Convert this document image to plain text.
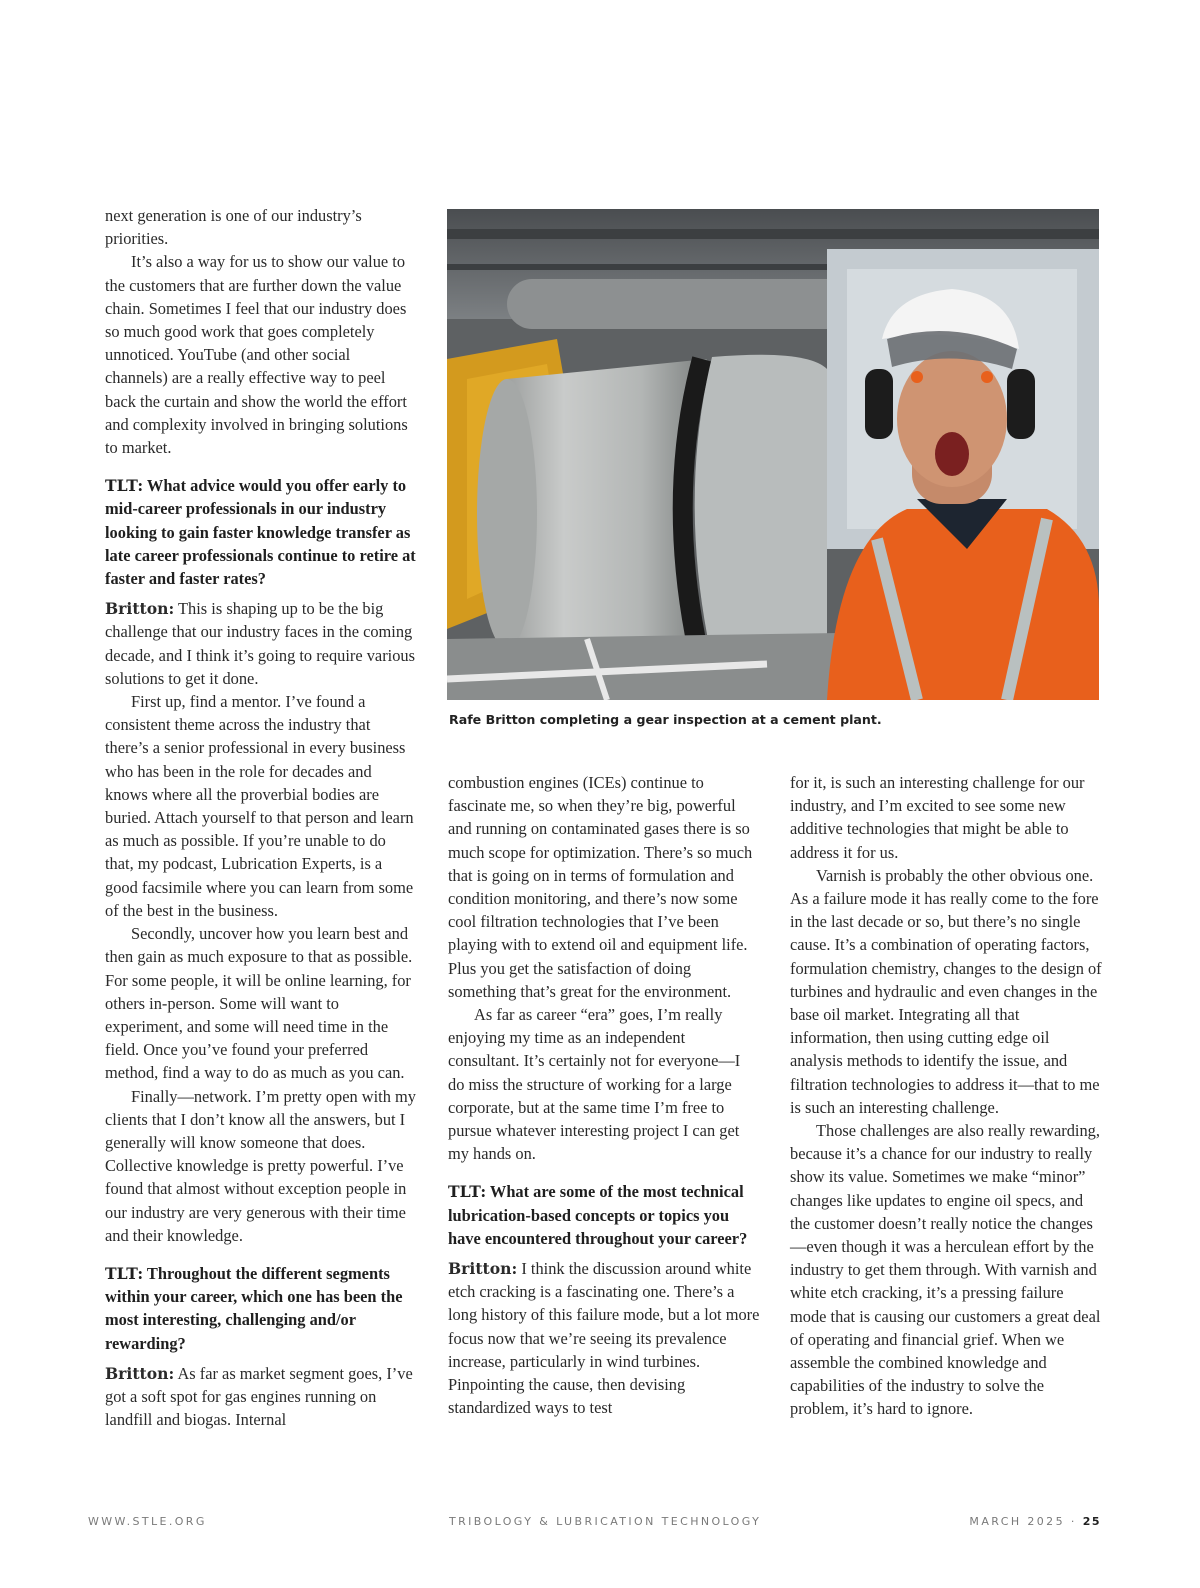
next generation is one of our industry’s priorities.

It’s also a way for us to show our value to the customers that are further down the value chain. Sometimes I feel that our industry does so much good work that goes completely unnoticed. YouTube (and other social channels) are a really effective way to peel back the curtain and show the world the effort and complexity involved in bringing solutions to market.

TLT: What advice would you offer early to mid-career professionals in our industry looking to gain faster knowledge transfer as late career professionals continue to retire at faster and faster rates?

Britton: This is shaping up to be the big challenge that our industry faces in the coming decade, and I think it’s going to require various solutions to get it done.

First up, find a mentor. I’ve found a consistent theme across the industry that there’s a senior professional in every business who has been in the role for decades and knows where all the proverbial bodies are buried. Attach yourself to that person and learn as much as possible. If you’re unable to do that, my podcast, Lubrication Experts, is a good facsimile where you can learn from some of the best in the business.

Secondly, uncover how you learn best and then gain as much exposure to that as possible. For some people, it will be online learning, for others in-person. Some will want to experiment, and some will need time in the field. Once you’ve found your preferred method, find a way to do as much as you can.

Finally—network. I’m pretty open with my clients that I don’t know all the answers, but I generally will know someone that does. Collective knowledge is pretty powerful. I’ve found that almost without exception people in our industry are very generous with their time and their knowledge.

TLT: Throughout the different segments within your career, which one has been the most interesting, challenging and/or rewarding?

Britton: As far as market segment goes, I’ve got a soft spot for gas engines running on landfill and biogas. Internal

Rafe Britton completing a gear inspection at a cement plant.

combustion engines (ICEs) continue to fascinate me, so when they’re big, powerful and running on contaminated gases there is so much scope for optimization. There’s so much that is going on in terms of formulation and condition monitoring, and there’s now some cool filtration technologies that I’ve been playing with to extend oil and equipment life. Plus you get the satisfaction of doing something that’s great for the environment.

As far as career “era” goes, I’m really enjoying my time as an independent consultant. It’s certainly not for everyone—I do miss the structure of working for a large corporate, but at the same time I’m free to pursue whatever interesting project I can get my hands on.

TLT: What are some of the most technical lubrication-based concepts or topics you have encountered throughout your career?

Britton: I think the discussion around white etch cracking is a fascinating one. There’s a long history of this failure mode, but a lot more focus now that we’re seeing its prevalence increase, particularly in wind turbines. Pinpointing the cause, then devising standardized ways to test

for it, is such an interesting challenge for our industry, and I’m excited to see some new additive technologies that might be able to address it for us.

Varnish is probably the other obvious one. As a failure mode it has really come to the fore in the last decade or so, but there’s no single cause. It’s a combination of operating factors, formulation chemistry, changes to the design of turbines and hydraulic and even changes in the base oil market. Integrating all that information, then using cutting edge oil analysis methods to identify the issue, and filtration technologies to address it—that to me is such an interesting challenge.

Those challenges are also really rewarding, because it’s a chance for our industry to really show its value. Sometimes we make “minor” changes like updates to engine oil specs, and the customer doesn’t really notice the changes—even though it was a herculean effort by the industry to get them through. With varnish and white etch cracking, it’s a pressing failure mode that is causing our customers a great deal of operating and financial grief. When we assemble the combined knowledge and capabilities of the industry to solve the problem, it’s hard to ignore.

WWW.STLE.ORG	TRIBOLOGY & LUBRICATION TECHNOLOGY	MARCH 2025 · 25
